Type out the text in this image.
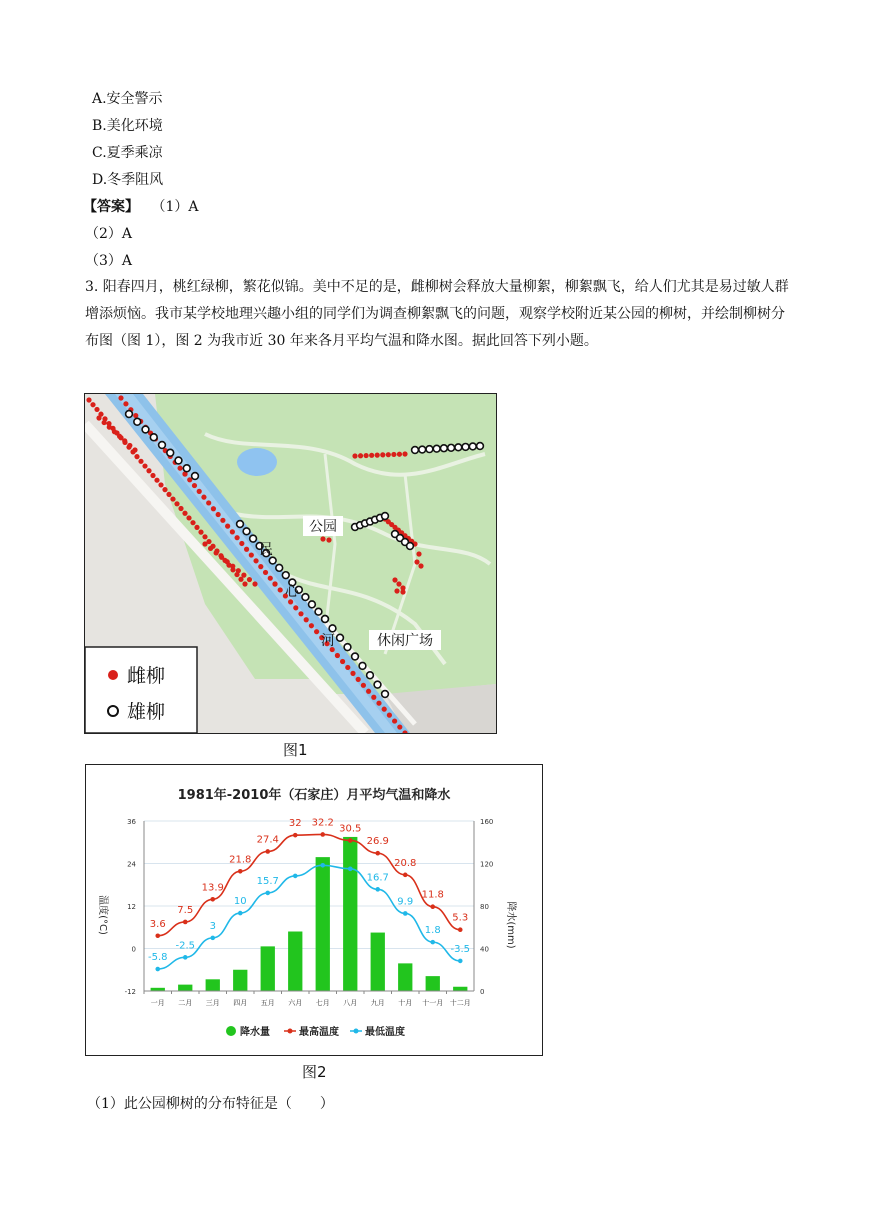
A.安全警示
B.美化环境
C.夏季乘凉
D.冬季阻风
【答案】 （1）A
（2）A
（3）A
3. 阳春四月，桃红绿柳，繁花似锦。美中不足的是，雌柳树会释放大量柳絮，柳絮飘飞，给人们尤其是易过敏人群增添烦恼。我市某学校地理兴趣小组的同学们为调查柳絮飘飞的问题，观察学校附近某公园的柳树，并绘制柳树分布图（图 1），图 2 为我市近 30 年来各月平均气温和降水图。据此回答下列小题。
公园
休闲广场
民
心
河
雌柳
雄柳
图1
1981年-2010年（石家庄）月平均气温和降水
3.6
7.5
13.9
21.8
27.4
32 32.2
30.5
26.9
20.8
11.8
5.3
-5.8
-2.5
3
10
15.7	16.7
9.9
1.8
-3.5
-12
0
12
24
36
0
40
80
120
160
一月 二月 三月 四月 五月 六月 七月 八月 九月 十月 十一月 十二月
温度(°C)	降水(mm)
降水量	最高温度	最低温度
图2
（1）此公园柳树的分布特征是（　　）
